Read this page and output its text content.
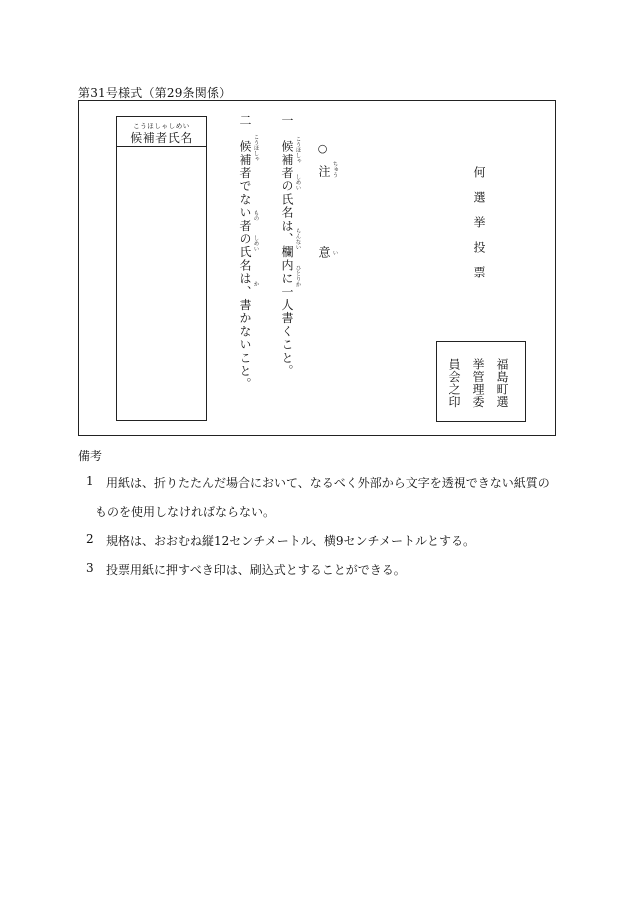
第31号様式（第29条関係）
こうほしゃしめい
候補者氏名
二
候補者でない者の氏名は、書かないこと。 こうほしゃ
もの
しめい
か
一
候補者の氏名は、欄内に一人書くこと。 こうほしゃ
しめい
らんない
ひとりか
○
注
意
ちゅう
い	何選挙投票
福島町選
挙管理委
員会之印
備考
1 用紙は、折りたたんだ場合において、なるべく外部から文字を透視できない紙質の
ものを使用しなければならない。
2 規格は、おおむね縦12センチメートル、横9センチメートルとする。
3 投票用紙に押すべき印は、刷込式とすることができる。
